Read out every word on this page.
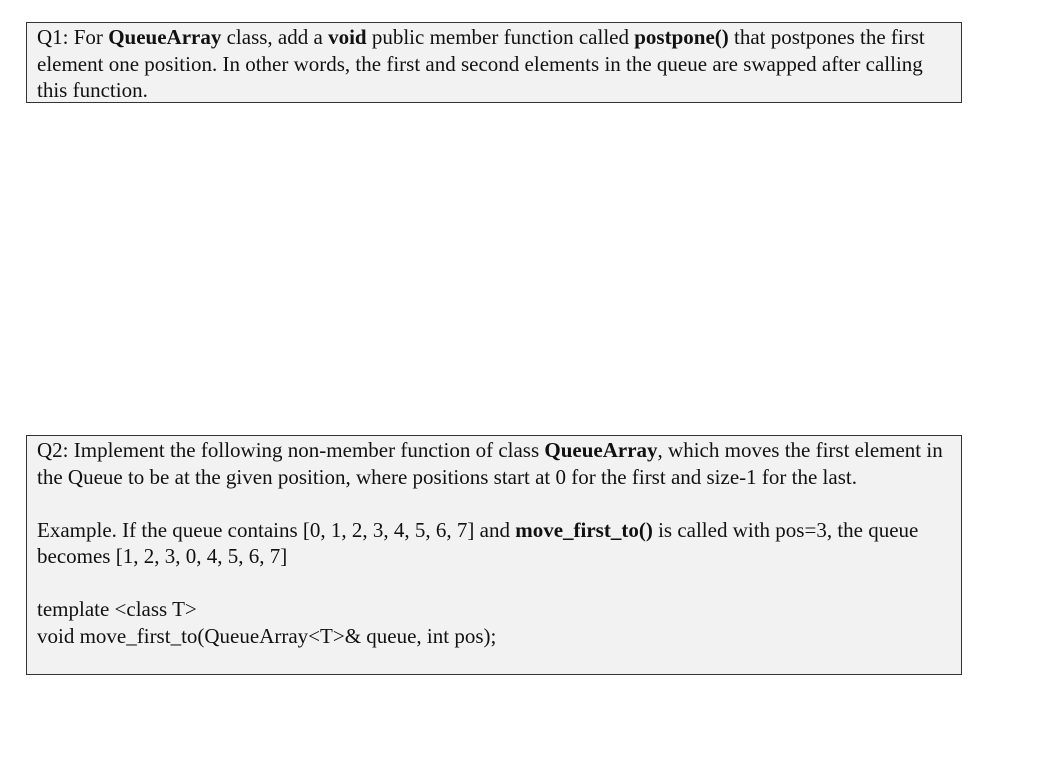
Q1: For QueueArray class, add a void public member function called postpone() that postpones the first element one position. In other words, the first and second elements in the queue are swapped after calling this function.

Q2: Implement the following non-member function of class QueueArray, which moves the first element in the Queue to be at the given position, where positions start at 0 for the first and size-1 for the last.

Example. If the queue contains [0, 1, 2, 3, 4, 5, 6, 7] and move_first_to() is called with pos=3, the queue becomes [1, 2, 3, 0, 4, 5, 6, 7]

template <class T>

void move_first_to(QueueArray<T>& queue, int pos);
